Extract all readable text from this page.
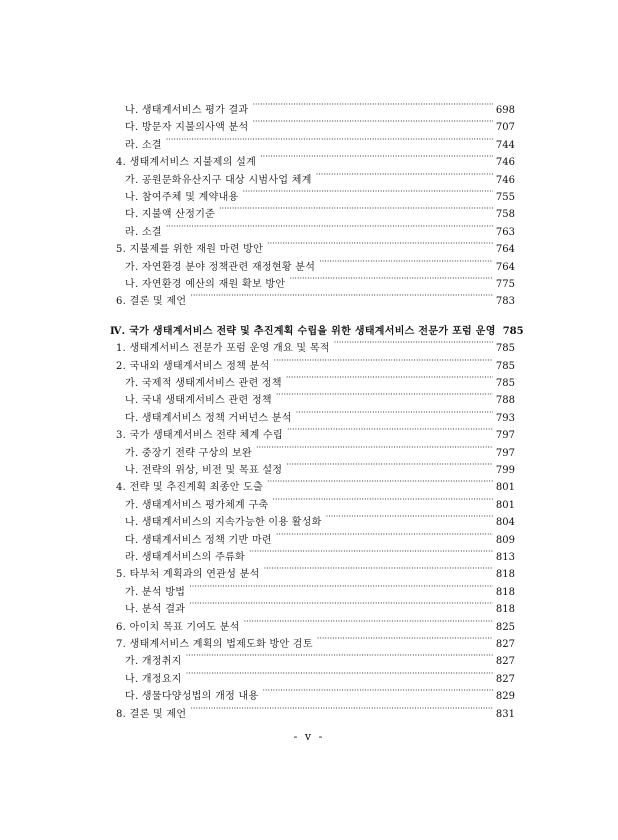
나. 생태계서비스 평가 결과 ·····	698
다. 방문자 지불의사액 분석 ·····	707
라. 소결 ·····	744
4. 생태계서비스 지불제의 설계 ·····	746
가. 공원문화유산지구 대상 시범사업 체계 ·····	746
나. 참여주체 및 계약내용 ·····	755
다. 지불액 산정기준 ·····	758
라. 소결 ·····	763
5. 지불제를 위한 재원 마련 방안 ·····	764
가. 자연환경 분야 정책관련 재정현황 분석 ·····	764
나. 자연환경 예산의 재원 확보 방안 ·····	775
6. 결론 및 제언 ·····	783
Ⅳ. 국가 생태계서비스 전략 및 추진계획 수립을 위한 생태계서비스 전문가 포럼 운영 785
1. 생태계서비스 전문가 포럼 운영 개요 및 목적 ·····	785
2. 국내외 생태계서비스 정책 분석 ·····	785
가. 국제적 생태계서비스 관련 정책 ·····	785
나. 국내 생태계서비스 관련 정책 ·····	788
다. 생태계서비스 정책 거버넌스 분석 ·····	793
3. 국가 생태계서비스 전략 체계 수립 ·····	797
가. 중장기 전략 구상의 보완 ·····	797
나. 전략의 위상, 비전 및 목표 설정 ·····	799
4. 전략 및 추진계획 최종안 도출 ·····	801
가. 생태계서비스 평가체계 구축 ·····	801
나. 생태계서비스의 지속가능한 이용 활성화 ·····	804
다. 생태계서비스 정책 기반 마련 ·····	809
라. 생태계서비스의 주류화 ·····	813
5. 타부처 계획과의 연관성 분석 ·····	818
가. 분석 방법 ·····	818
나. 분석 결과 ·····	818
6. 아이치 목표 기여도 분석 ·····	825
7. 생태계서비스 계획의 법제도화 방안 검토 ·····	827
가. 개정취지 ·····	827
나. 개정요지 ·····	827
다. 생물다양성법의 개정 내용 ·····	829
8. 결론 및 제언 ·····	831
- v -
